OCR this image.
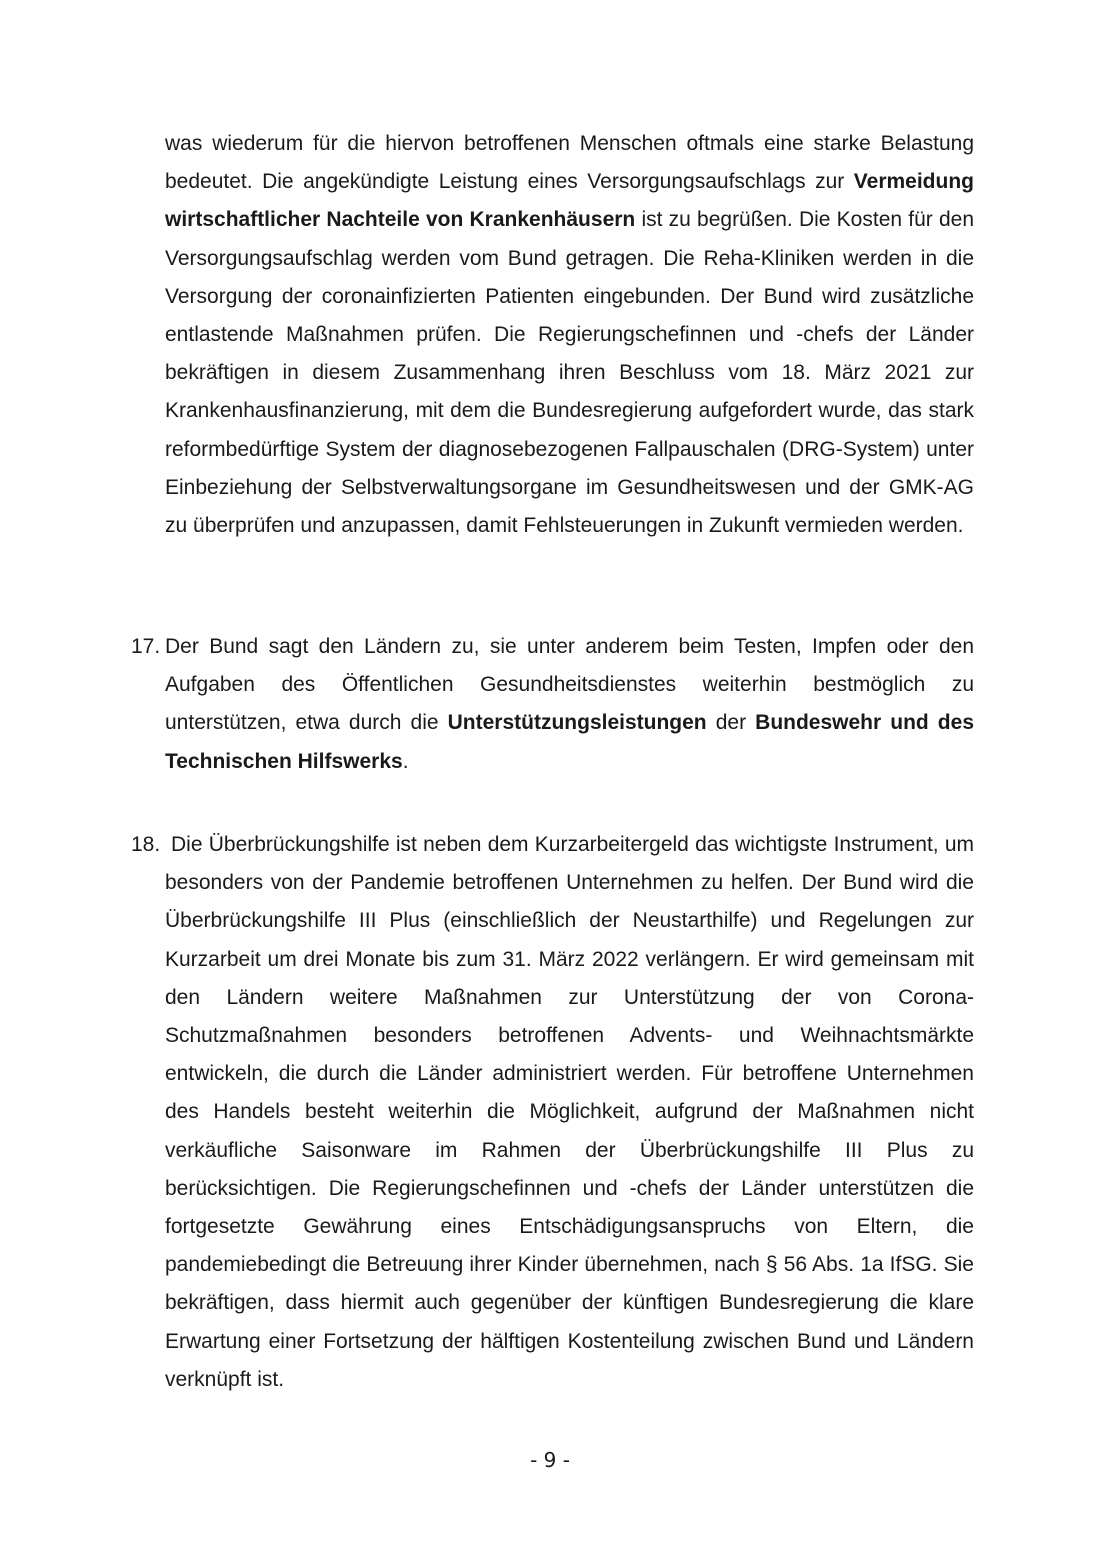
was wiederum für die hiervon betroffenen Menschen oftmals eine starke Belastung bedeutet. Die angekündigte Leistung eines Versorgungsaufschlags zur Vermeidung wirtschaftlicher Nachteile von Krankenhäusern ist zu begrüßen. Die Kosten für den Versorgungsaufschlag werden vom Bund getragen. Die Reha-Kliniken werden in die Versorgung der coronainfizierten Patienten eingebunden. Der Bund wird zusätzliche entlastende Maßnahmen prüfen. Die Regierungschefinnen und -chefs der Länder bekräftigen in diesem Zusammenhang ihren Beschluss vom 18. März 2021 zur Krankenhausfinanzierung, mit dem die Bundesregierung aufgefordert wurde, das stark reformbedürftige System der diagnosebezogenen Fallpauschalen (DRG-System) unter Einbeziehung der Selbstverwaltungsorgane im Gesundheitswesen und der GMK-AG zu überprüfen und anzupassen, damit Fehlsteuerungen in Zukunft vermieden werden.
17. Der Bund sagt den Ländern zu, sie unter anderem beim Testen, Impfen oder den Aufgaben des Öffentlichen Gesundheitsdienstes weiterhin bestmöglich zu unterstützen, etwa durch die Unterstützungsleistungen der Bundeswehr und des Technischen Hilfswerks.
18. Die Überbrückungshilfe ist neben dem Kurzarbeitergeld das wichtigste Instrument, um besonders von der Pandemie betroffenen Unternehmen zu helfen. Der Bund wird die Überbrückungshilfe III Plus (einschließlich der Neustarthilfe) und Regelungen zur Kurzarbeit um drei Monate bis zum 31. März 2022 verlängern. Er wird gemeinsam mit den Ländern weitere Maßnahmen zur Unterstützung der von Corona-Schutzmaßnahmen besonders betroffenen Advents- und Weihnachtsmärkte entwickeln, die durch die Länder administriert werden. Für betroffene Unternehmen des Handels besteht weiterhin die Möglichkeit, aufgrund der Maßnahmen nicht verkäufliche Saisonware im Rahmen der Überbrückungshilfe III Plus zu berücksichtigen. Die Regierungschefinnen und -chefs der Länder unterstützen die fortgesetzte Gewährung eines Entschädigungsanspruchs von Eltern, die pandemiebedingt die Betreuung ihrer Kinder übernehmen, nach § 56 Abs. 1a IfSG. Sie bekräftigen, dass hiermit auch gegenüber der künftigen Bundesregierung die klare Erwartung einer Fortsetzung der hälftigen Kostenteilung zwischen Bund und Ländern verknüpft ist.
- 9 -
